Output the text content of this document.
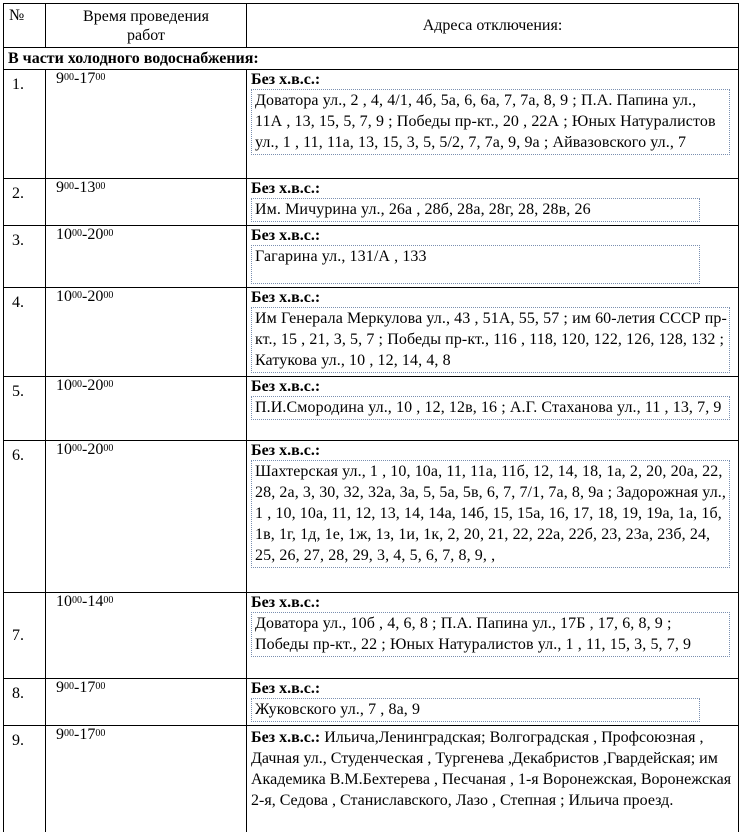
№	Время проведения работ	Адреса отключения:
В части холодного водоснабжения:		
1.	$9^{00}-17^{00}$	Без х.в.с.:

Доватора ул., 2 , 4, 4/1, 4б, 5а, 6, 6а, 7, 7а, 8, 9 ; П.А. Папина ул., 11А , 13, 15, 5, 7, 9 ; Победы пр-кт., 20 , 22А ; Юных Натуралистов ул., 1 , 11, 11а, 13, 15, 3, 5, 5/2, 7, 7а, 9, 9а ; Айвазовского ул., 7

2.	$9^{00}-13^{00}$	Без х.в.с.:

Им. Мичурина ул., 26а , 28б, 28а, 28г, 28, 28в, 26

3.	$10^{00}-20^{00}$	Без х.в.с.:

Гагарина ул., 131/А , 133

4.	$10^{00}-20^{00}$	Без х.в.с.:

Им Генерала Меркулова ул., 43 , 51А, 55, 57 ; им 60-летия СССР пр-кт., 15 , 21, 3, 5, 7 ; Победы пр-кт., 116 , 118, 120, 122, 126, 128, 132 ; Катукова ул., 10 , 12, 14, 4, 8

5.	$10^{00}-20^{00}$	Без х.в.с.:

П.И.Смородина ул., 10 , 12, 12в, 16 ; А.Г. Стаханова ул., 11 , 13, 7, 9

6.	$10^{00}-20^{00}$	Без х.в.с.:

Шахтерская ул., 1 , 10, 10а, 11, 11а, 11б, 12, 14, 18, 1а, 2, 20, 20а, 22, 28, 2а, 3, 30, 32, 32а, 3а, 5, 5а, 5в, 6, 7, 7/1, 7а, 8, 9а ; Задорожная ул., 1 , 10, 10а, 11, 12, 13, 14, 14а, 14б, 15, 15а, 16, 17, 18, 19, 19а, 1а, 1б, 1в, 1г, 1д, 1е, 1ж, 1з, 1и, 1к, 2, 20, 21, 22, 22а, 22б, 23, 23а, 23б, 24, 25, 26, 27, 28, 29, 3, 4, 5, 6, 7, 8, 9, ,

7.	$10^{00}-14^{00}$	Без х.в.с.:

Доватора ул., 10б , 4, 6, 8 ; П.А. Папина ул., 17Б , 17, 6, 8, 9 ; Победы пр-кт., 22 ; Юных Натуралистов ул., 1 , 11, 15, 3, 5, 7, 9

8.	$9^{00}-17^{00}$	Без х.в.с.:

Жуковского ул., 7 , 8а, 9

9.	$9^{00}-17^{00}$	Без х.в.с.: Ильича,Ленинградская; Волгоградская , Профсоюзная , Дачная ул., Студенческая , Тургенева ,Декабристов ,Гвардейская; им Академика В.М.Бехтерева , Песчаная , 1-я Воронежская, Воронежская 2-я, Седова , Станиславского, Лазо , Степная ; Ильича проезд.
